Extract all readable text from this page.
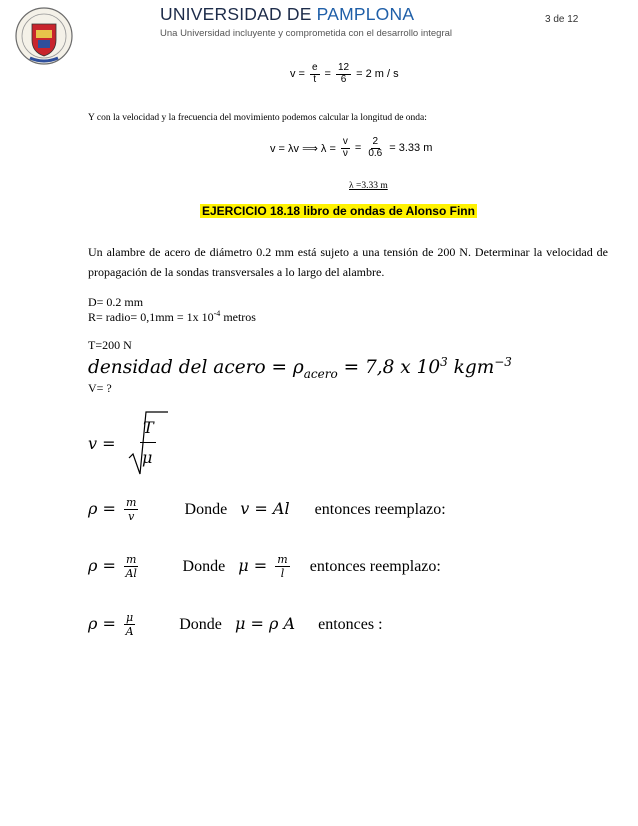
UNIVERSIDAD DE PAMPLONA
Una Universidad incluyente y comprometida con el desarrollo integral
3 de 12
$v = \frac{e}{t} = \frac{12}{6} = 2$ m / s
Y con la velocidad y la frecuencia del movimiento podemos calcular la longitud de onda:
v = λv ⟹ $\lambda = \frac{v}{\nu} = \frac{2}{0.6} = 3.33$ m
λ =3.33 m
EJERCICIO 18.18 libro de ondas de Alonso Finn
Un alambre de acero de diámetro 0.2 mm está sujeto a una tensión de 200 N. Determinar la velocidad de propagación de la sondas transversales a lo largo del alambre.
D= 0.2 mm
R= radio= 0,1mm = 1x $10^{-4}$ metros
T=200 N
densidad del acero = $\rho_{acero} = 7,8$ x $10^3$ kgm$^{-3}$
V= ?
v =
T
μ
$\rho = \frac{m}{v}$	Donde v = Al entonces reemplazo:
$\rho = \frac{m}{Al}$	Donde $\mu = \frac{m}{l}$ entonces reemplazo:
$\rho = \frac{\mu}{A}$	Donde μ = ρ A entonces :
